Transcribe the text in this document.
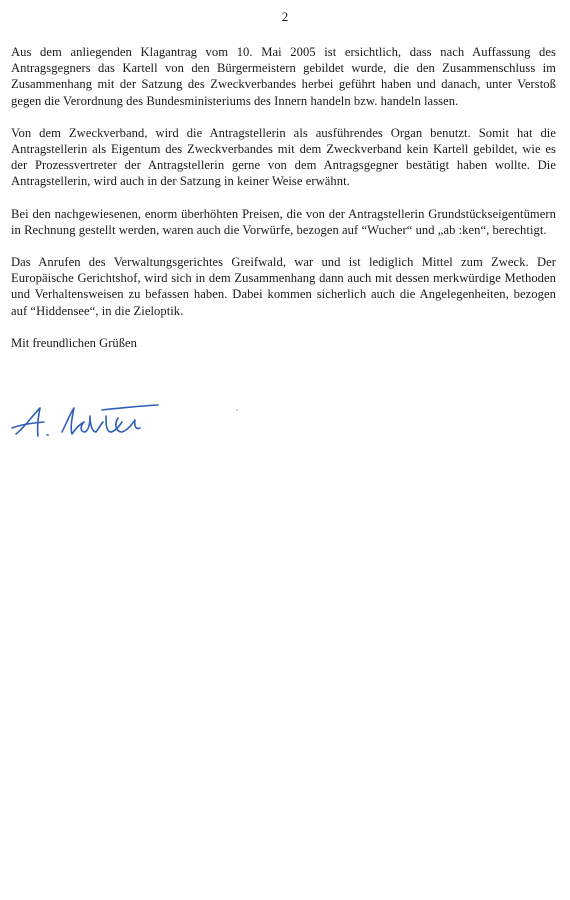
2

Aus dem anliegenden Klagantrag vom 10. Mai 2005 ist ersichtlich, dass nach Auffassung des Antragsgegners das Kartell von den Bürgermeistern gebildet wurde, die den Zusammenschluss im Zusammenhang mit der Satzung des Zweckverbandes herbei geführt haben und danach, unter Verstoß gegen die Verordnung des Bundesministeriums des Innern handeln bzw. handeln lassen.

Von dem Zweckverband, wird die Antragstellerin als ausführendes Organ benutzt. Somit hat die Antragstellerin als Eigentum des Zweckverbandes mit dem Zweckverband kein Kartell gebildet, wie es der Prozessvertreter der Antragstellerin gerne von dem Antragsgegner bestätigt haben wollte. Die Antragstellerin, wird auch in der Satzung in keiner Weise erwähnt.

Bei den nachgewiesenen, enorm überhöhten Preisen, die von der Antragstellerin Grundstückseigentümern in Rechnung gestellt werden, waren auch die Vorwürfe, bezogen auf “Wucher“ und „ab :ken“, berechtigt.

Das Anrufen des Verwaltungsgerichtes Greifwald, war und ist lediglich Mittel zum Zweck. Der Europäische Gerichtshof, wird sich in dem Zusammenhang dann auch mit dessen merkwürdige Methoden und Verhaltensweisen zu befassen haben. Dabei kommen sicherlich auch die Angelegenheiten, bezogen auf “Hiddensee“, in die Zieloptik.

Mit freundlichen Grüßen
